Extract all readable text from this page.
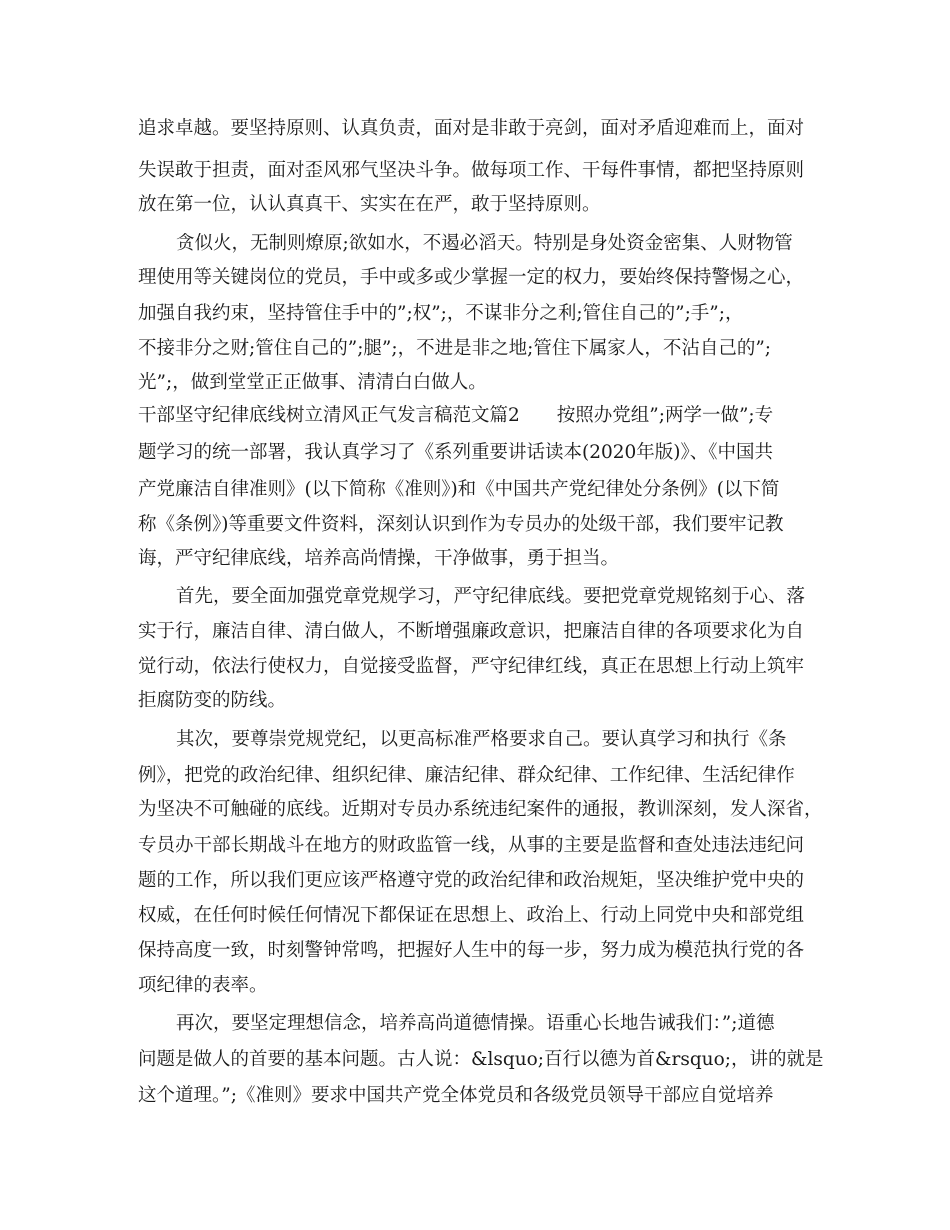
追求卓越。要坚持原则、认真负责，面对是非敢于亮剑，面对矛盾迎难而上，面对
失误敢于担责，面对歪风邪气坚决斗争。做每项工作、干每件事情，都把坚持原则
放在第一位，认认真真干、实实在在严，敢于坚持原则。
贪似火，无制则燎原;欲如水，不遏必滔天。特别是身处资金密集、人财物管
理使用等关键岗位的党员，手中或多或少掌握一定的权力，要始终保持警惕之心，
加强自我约束，坚持管住手中的”;权”;，不谋非分之利;管住自己的”;手”;，
不接非分之财;管住自己的”;腿”;，不进是非之地;管住下属家人，不沾自己的”;
光”;，做到堂堂正正做事、清清白白做人。
干部坚守纪律底线树立清风正气发言稿范文篇2　　按照办党组”;两学一做”;专
题学习的统一部署，我认真学习了《系列重要讲话读本(2020年版)》、《中国共
产党廉洁自律准则》(以下简称《准则》)和《中国共产党纪律处分条例》(以下简
称《条例》)等重要文件资料，深刻认识到作为专员办的处级干部，我们要牢记教
诲，严守纪律底线，培养高尚情操，干净做事，勇于担当。
首先，要全面加强党章党规学习，严守纪律底线。要把党章党规铭刻于心、落
实于行，廉洁自律、清白做人，不断增强廉政意识，把廉洁自律的各项要求化为自
觉行动，依法行使权力，自觉接受监督，严守纪律红线，真正在思想上行动上筑牢
拒腐防变的防线。
其次，要尊崇党规党纪，以更高标准严格要求自己。要认真学习和执行《条
例》，把党的政治纪律、组织纪律、廉洁纪律、群众纪律、工作纪律、生活纪律作
为坚决不可触碰的底线。近期对专员办系统违纪案件的通报，教训深刻，发人深省，
专员办干部长期战斗在地方的财政监管一线，从事的主要是监督和查处违法违纪问
题的工作，所以我们更应该严格遵守党的政治纪律和政治规矩，坚决维护党中央的
权威，在任何时候任何情况下都保证在思想上、政治上、行动上同党中央和部党组
保持高度一致，时刻警钟常鸣，把握好人生中的每一步，努力成为模范执行党的各
项纪律的表率。
再次，要坚定理想信念，培养高尚道德情操。语重心长地告诫我们：”;道德
问题是做人的首要的基本问题。古人说：&lsquo;百行以德为首&rsquo;，讲的就是
这个道理。”;《准则》要求中国共产党全体党员和各级党员领导干部应自觉培养
